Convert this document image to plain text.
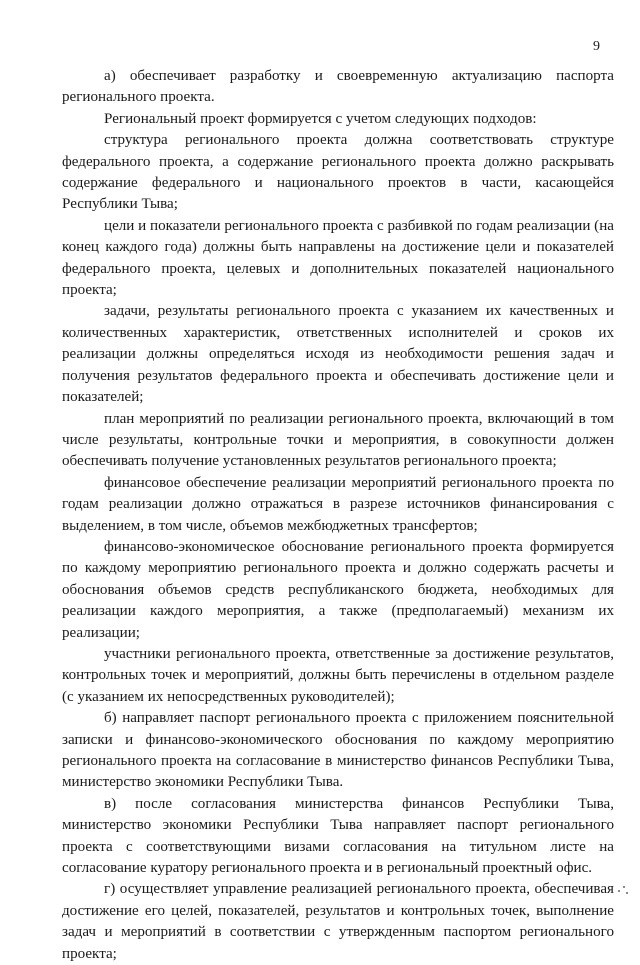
9

а) обеспечивает разработку и своевременную актуализацию паспорта регионального проекта.

Региональный проект формируется с учетом следующих подходов:

структура регионального проекта должна соответствовать структуре федерального проекта, а содержание регионального проекта должно раскрывать содержание федерального и национального проектов в части, касающейся Республики Тыва;

цели и показатели регионального проекта с разбивкой по годам реализации (на конец каждого года) должны быть направлены на достижение цели и показателей федерального проекта, целевых и дополнительных показателей национального проекта;

задачи, результаты регионального проекта с указанием их качественных и количественных характеристик, ответственных исполнителей и сроков их реализации должны определяться исходя из необходимости решения задач и получения результатов федерального проекта и обеспечивать достижение цели и показателей;

план мероприятий по реализации регионального проекта, включающий в том числе результаты, контрольные точки и мероприятия, в совокупности должен обеспечивать получение установленных результатов регионального проекта;

финансовое обеспечение реализации мероприятий регионального проекта по годам реализации должно отражаться в разрезе источников финансирования с выделением, в том числе, объемов межбюджетных трансфертов;

финансово-экономическое обоснование регионального проекта формируется по каждому мероприятию регионального проекта и должно содержать расчеты и обоснования объемов средств республиканского бюджета, необходимых для реализации каждого мероприятия, а также (предполагаемый) механизм их реализации;

участники регионального проекта, ответственные за достижение результатов, контрольных точек и мероприятий, должны быть перечислены в отдельном разделе (с указанием их непосредственных руководителей);

б) направляет паспорт регионального проекта с приложением пояснительной записки и финансово-экономического обоснования по каждому мероприятию регионального проекта на согласование в министерство финансов Республики Тыва, министерство экономики Республики Тыва.

в) после согласования министерства финансов Республики Тыва, министерство экономики Республики Тыва направляет паспорт регионального проекта с соответствующими визами согласования на титульном листе на согласование куратору регионального проекта и в региональный проектный офис.

г) осуществляет управление реализацией регионального проекта, обеспечивая достижение его целей, показателей, результатов и контрольных точек, выполнение задач и мероприятий в соответствии с утвержденным паспортом регионального проекта;
